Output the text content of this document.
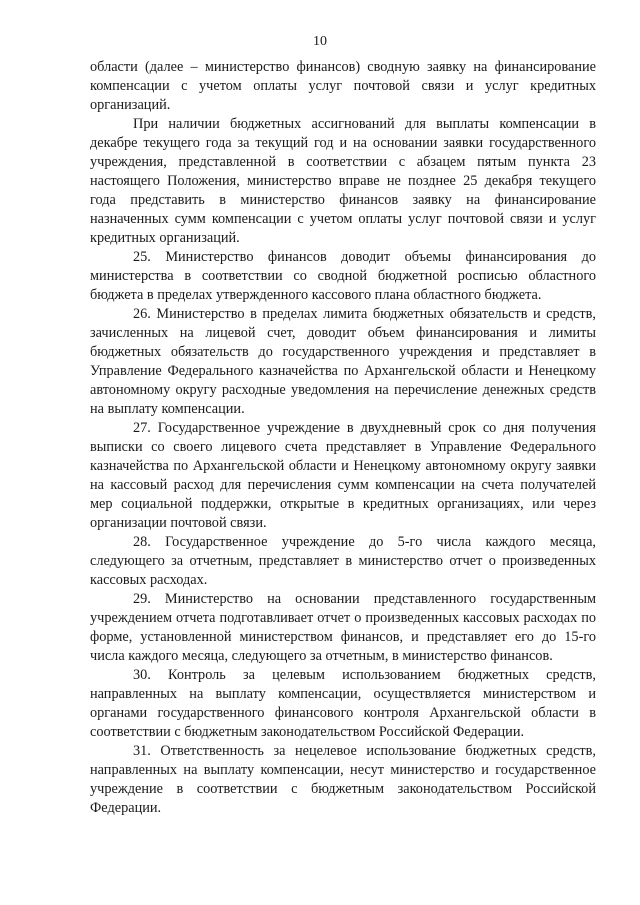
10

области (далее – министерство финансов) сводную заявку на финансирование компенсации с учетом оплаты услуг почтовой связи и услуг кредитных организаций.

При наличии бюджетных ассигнований для выплаты компенсации в декабре текущего года за текущий год и на основании заявки государственного учреждения, представленной в соответствии с абзацем пятым пункта 23 настоящего Положения, министерство вправе не позднее 25 декабря текущего года представить в министерство финансов заявку на финансирование назначенных сумм компенсации с учетом оплаты услуг почтовой связи и услуг кредитных организаций.

25. Министерство финансов доводит объемы финансирования до министерства в соответствии со сводной бюджетной росписью областного бюджета в пределах утвержденного кассового плана областного бюджета.

26. Министерство в пределах лимита бюджетных обязательств и средств, зачисленных на лицевой счет, доводит объем финансирования и лимиты бюджетных обязательств до государственного учреждения и представляет в Управление Федерального казначейства по Архангельской области и Ненецкому автономному округу расходные уведомления на перечисление денежных средств на выплату компенсации.

27. Государственное учреждение в двухдневный срок со дня получения выписки со своего лицевого счета представляет в Управление Федерального казначейства по Архангельской области и Ненецкому автономному округу заявки на кассовый расход для перечисления сумм компенсации на счета получателей мер социальной поддержки, открытые в кредитных организациях, или через организации почтовой связи.

28. Государственное учреждение до 5-го числа каждого месяца, следующего за отчетным, представляет в министерство отчет о произведенных кассовых расходах.

29. Министерство на основании представленного государственным учреждением отчета подготавливает отчет о произведенных кассовых расходах по форме, установленной министерством финансов, и представляет его до 15-го числа каждого месяца, следующего за отчетным, в министерство финансов.

30. Контроль за целевым использованием бюджетных средств, направленных на выплату компенсации, осуществляется министерством и органами государственного финансового контроля Архангельской области в соответствии с бюджетным законодательством Российской Федерации.

31. Ответственность за нецелевое использование бюджетных средств, направленных на выплату компенсации, несут министерство и государственное учреждение в соответствии с бюджетным законодательством Российской Федерации.
